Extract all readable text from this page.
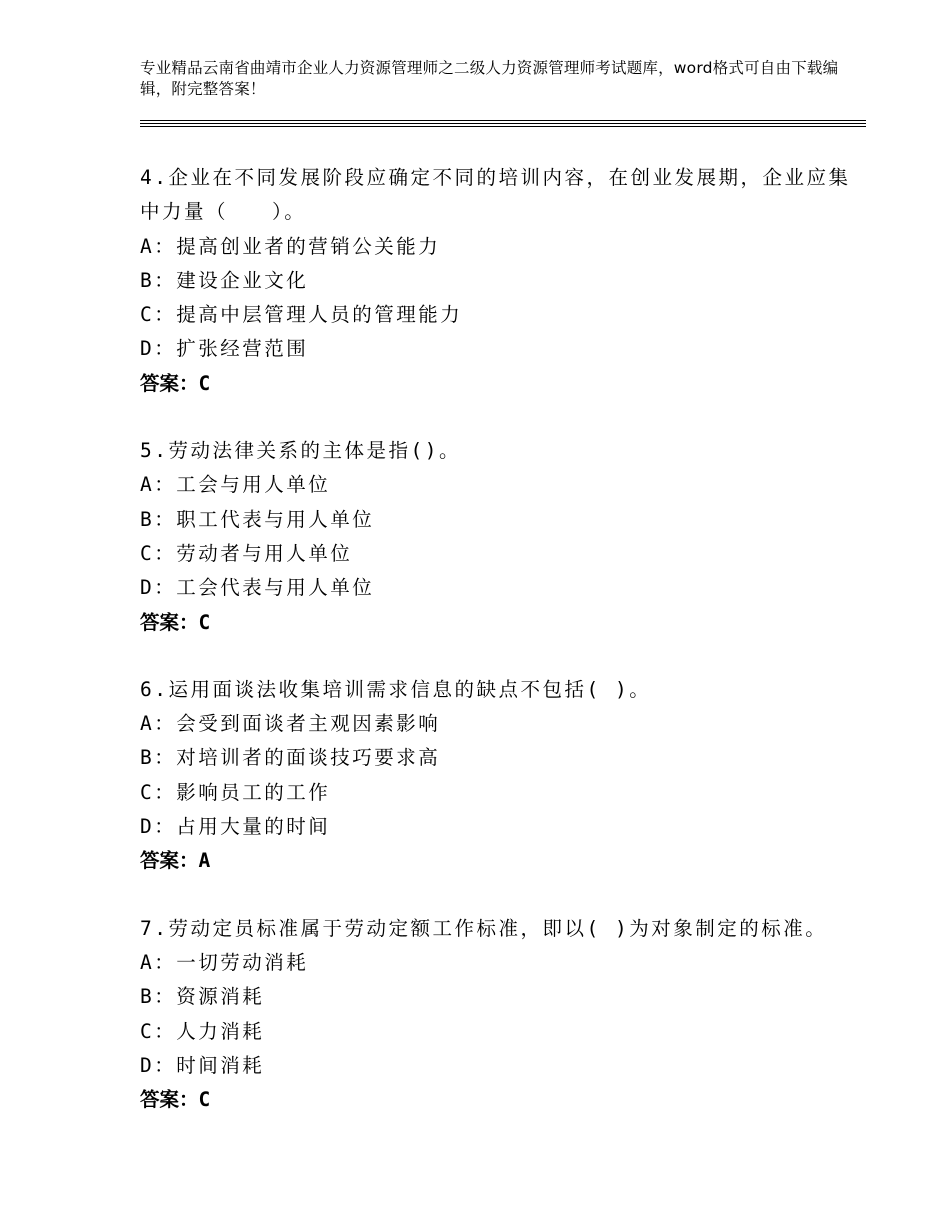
专业精品云南省曲靖市企业人力资源管理师之二级人力资源管理师考试题库，word格式可自由下载编辑，附完整答案！
4.企业在不同发展阶段应确定不同的培训内容，在创业发展期，企业应集中力量（　　）。
A：提高创业者的营销公关能力
B：建设企业文化
C：提高中层管理人员的管理能力
D：扩张经营范围
答案：C
5.劳动法律关系的主体是指()。
A：工会与用人单位
B：职工代表与用人单位
C：劳动者与用人单位
D：工会代表与用人单位
答案：C
6.运用面谈法收集培训需求信息的缺点不包括( )。
A：会受到面谈者主观因素影响
B：对培训者的面谈技巧要求高
C：影响员工的工作
D：占用大量的时间
答案：A
7.劳动定员标准属于劳动定额工作标准，即以( )为对象制定的标准。
A：一切劳动消耗
B：资源消耗
C：人力消耗
D：时间消耗
答案：C
